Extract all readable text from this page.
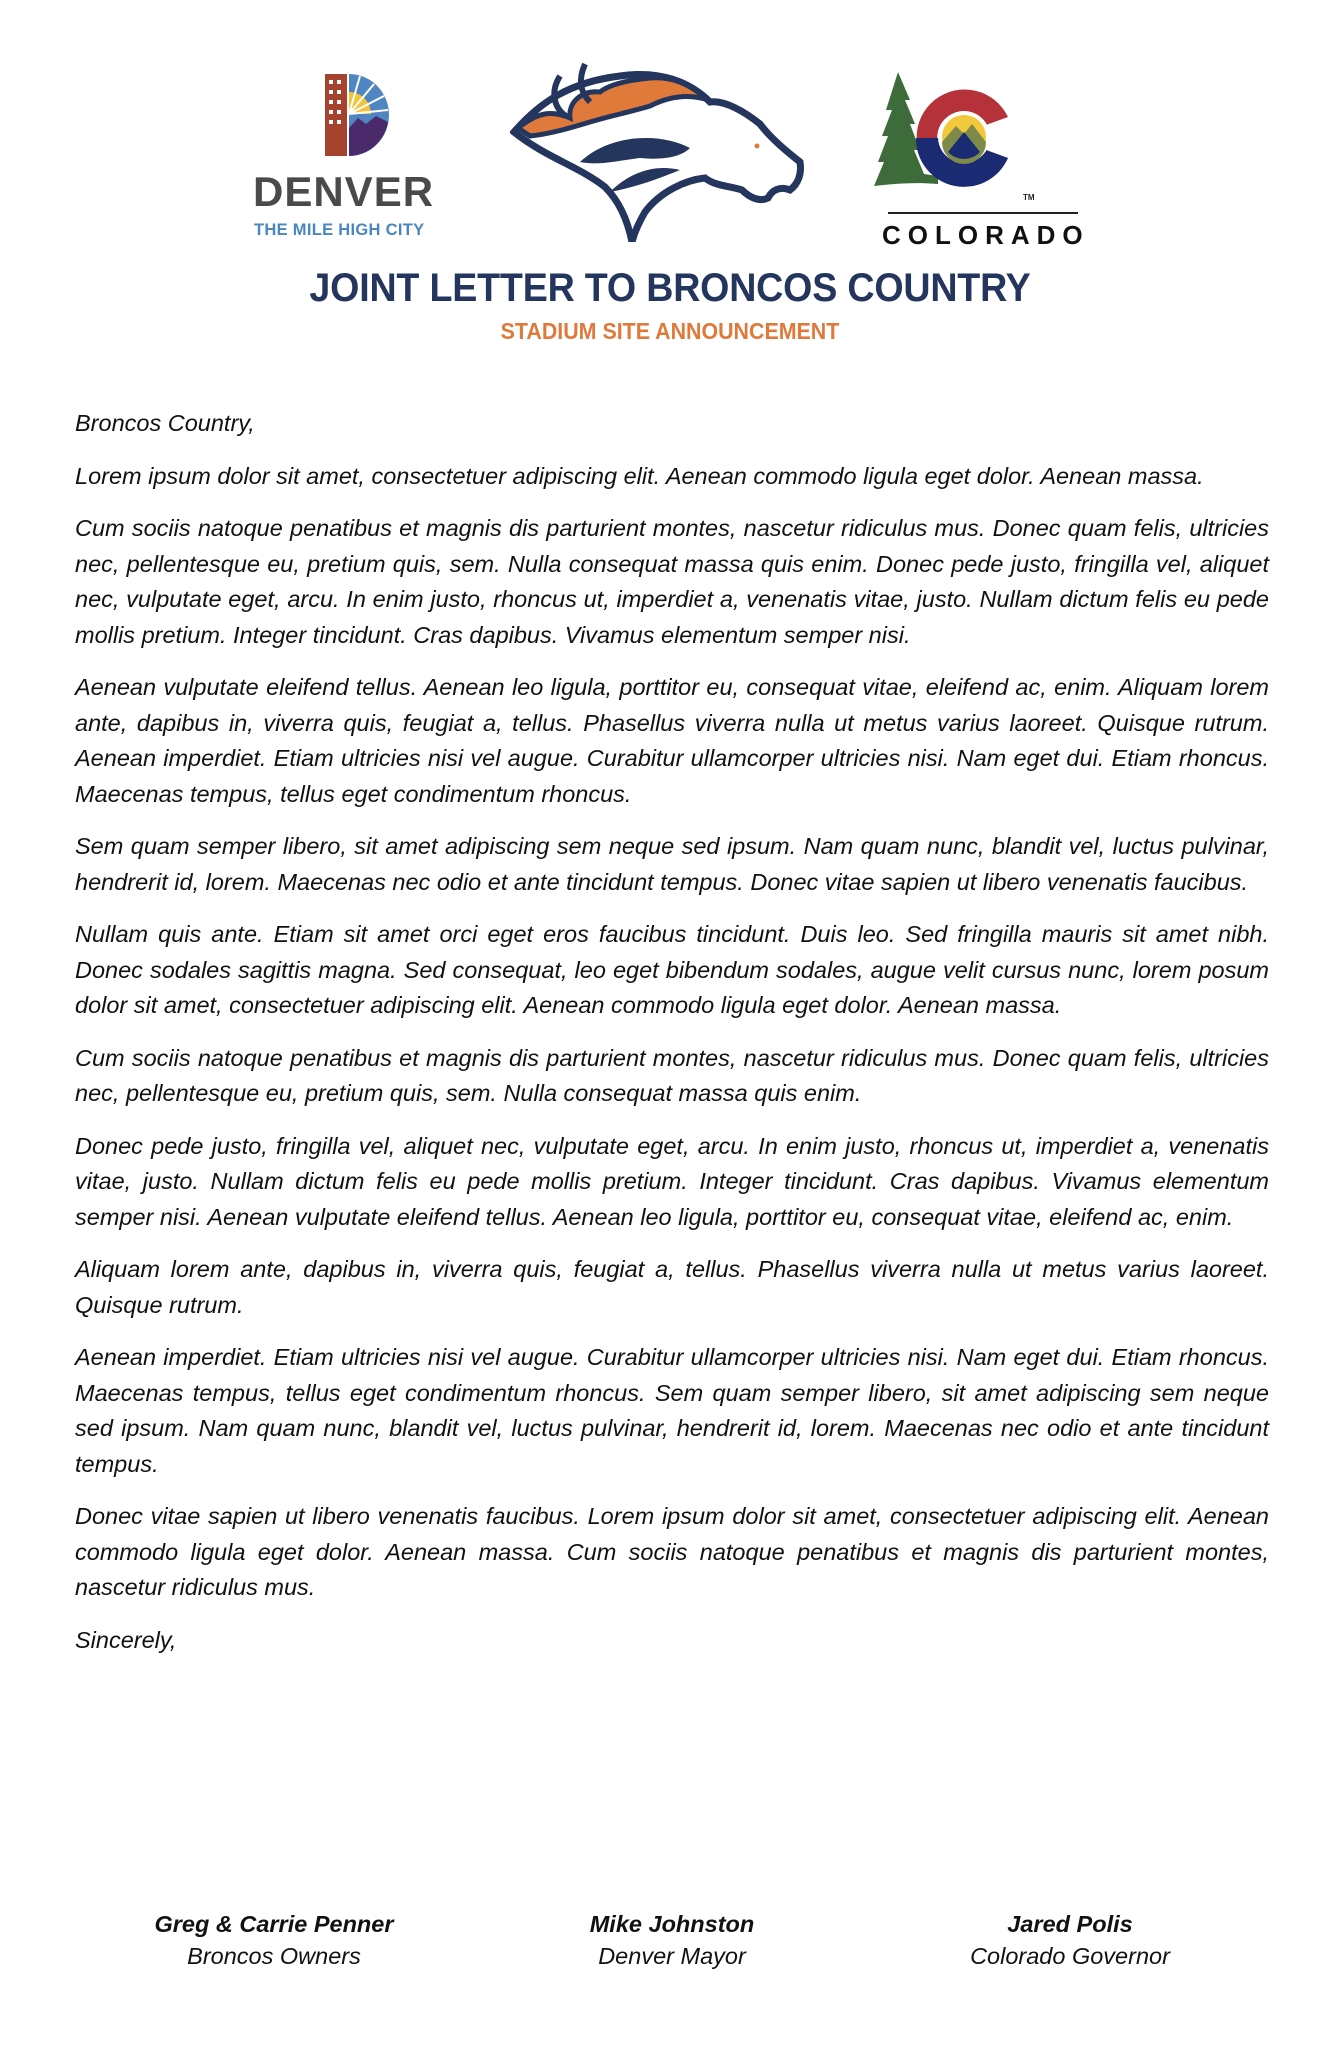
DENVER
THE MILE HIGH CITY
TM
COLORADO
JOINT LETTER TO BRONCOS COUNTRY
STADIUM SITE ANNOUNCEMENT

Broncos Country,

Lorem ipsum dolor sit amet, consectetuer adipiscing elit. Aenean commodo ligula eget dolor. Aenean massa.

Cum sociis natoque penatibus et magnis dis parturient montes, nascetur ridiculus mus. Donec quam felis, ultricies nec, pellentesque eu, pretium quis, sem. Nulla consequat massa quis enim. Donec pede justo, fringilla vel, aliquet nec, vulputate eget, arcu. In enim justo, rhoncus ut, imperdiet a, venenatis vitae, justo. Nullam dictum felis eu pede mollis pretium. Integer tincidunt. Cras dapibus. Vivamus elementum semper nisi.

Aenean vulputate eleifend tellus. Aenean leo ligula, porttitor eu, consequat vitae, eleifend ac, enim. Aliquam lorem ante, dapibus in, viverra quis, feugiat a, tellus. Phasellus viverra nulla ut metus varius laoreet. Quisque rutrum. Aenean imperdiet. Etiam ultricies nisi vel augue. Curabitur ullamcorper ultricies nisi. Nam eget dui. Etiam rhoncus. Maecenas tempus, tellus eget condimentum rhoncus.

Sem quam semper libero, sit amet adipiscing sem neque sed ipsum. Nam quam nunc, blandit vel, luctus pulvinar, hendrerit id, lorem. Maecenas nec odio et ante tincidunt tempus. Donec vitae sapien ut libero venenatis faucibus.

Nullam quis ante. Etiam sit amet orci eget eros faucibus tincidunt. Duis leo. Sed fringilla mauris sit amet nibh. Donec sodales sagittis magna. Sed consequat, leo eget bibendum sodales, augue velit cursus nunc, lorem posum dolor sit amet, consectetuer adipiscing elit. Aenean commodo ligula eget dolor. Aenean massa.

Cum sociis natoque penatibus et magnis dis parturient montes, nascetur ridiculus mus. Donec quam felis, ultricies nec, pellentesque eu, pretium quis, sem. Nulla consequat massa quis enim.

Donec pede justo, fringilla vel, aliquet nec, vulputate eget, arcu. In enim justo, rhoncus ut, imperdiet a, venenatis vitae, justo. Nullam dictum felis eu pede mollis pretium. Integer tincidunt. Cras dapibus. Vivamus elementum semper nisi. Aenean vulputate eleifend tellus. Aenean leo ligula, porttitor eu, consequat vitae, eleifend ac, enim.

Aliquam lorem ante, dapibus in, viverra quis, feugiat a, tellus. Phasellus viverra nulla ut metus varius laoreet. Quisque rutrum.

Aenean imperdiet. Etiam ultricies nisi vel augue. Curabitur ullamcorper ultricies nisi. Nam eget dui. Etiam rhoncus. Maecenas tempus, tellus eget condimentum rhoncus. Sem quam semper libero, sit amet adipiscing sem neque sed ipsum. Nam quam nunc, blandit vel, luctus pulvinar, hendrerit id, lorem. Maecenas nec odio et ante tincidunt tempus.

Donec vitae sapien ut libero venenatis faucibus. Lorem ipsum dolor sit amet, consectetuer adipiscing elit. Aenean commodo ligula eget dolor. Aenean massa. Cum sociis natoque penatibus et magnis dis parturient montes, nascetur ridiculus mus.

Sincerely,

Greg & Carrie Penner
Broncos Owners
Mike Johnston
Denver Mayor
Jared Polis
Colorado Governor
